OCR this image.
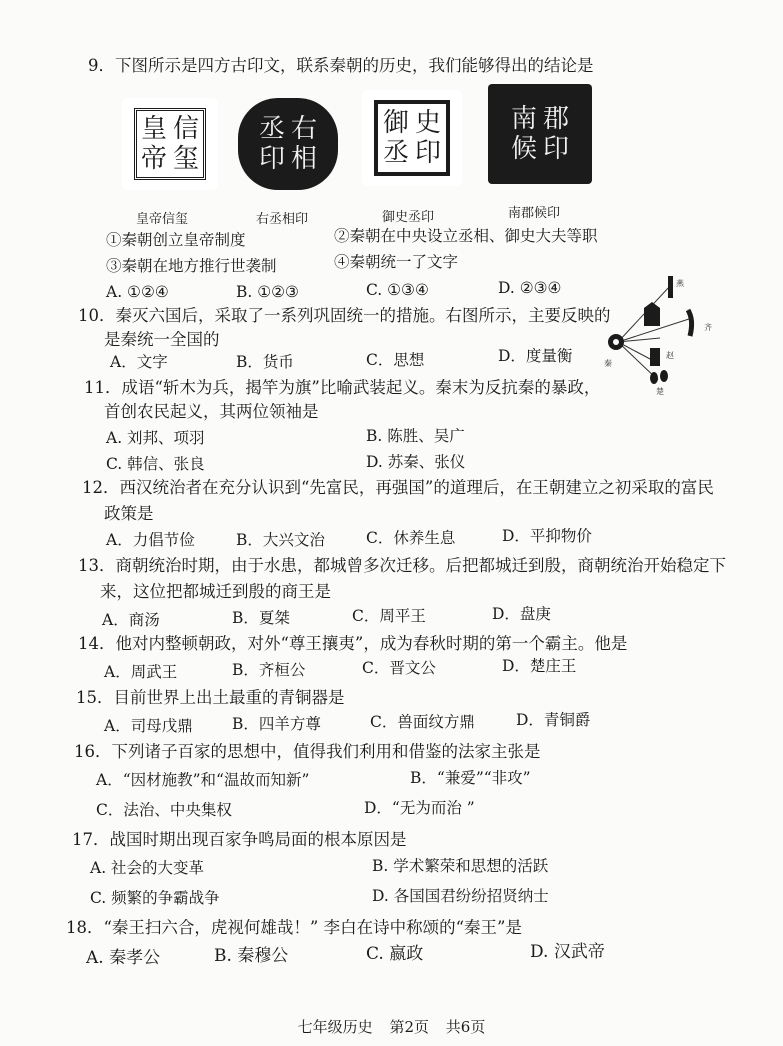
9．下图所示是四方古印文，联系秦朝的历史，我们能够得出的结论是
皇 信
帝 玺
丞 右
印 相
御 史
丞 印
南 郡
候 印
皇帝信玺	右丞相印	御史丞印	南郡候印
①秦朝创立皇帝制度	②秦朝在中央设立丞相、御史大夫等职
③秦朝在地方推行世袭制	④秦朝统一了文字
A. ①②④	B. ①②③	C. ①③④	D. ②③④
10．秦灭六国后，采取了一系列巩固统一的措施。右图所示，主要反映的
是秦统一全国的
A．文字	B．货币	C．思想	D．度量衡
燕
齐
秦
赵
楚
11．成语“斩木为兵，揭竿为旗”比喻武装起义。秦末为反抗秦的暴政，
首创农民起义，其两位领袖是
A. 刘邦、项羽	B. 陈胜、吴广
C. 韩信、张良	D. 苏秦、张仪
12．西汉统治者在充分认识到“先富民，再强国”的道理后，在王朝建立之初采取的富民
政策是
A．力倡节俭	B．大兴文治	C．休养生息	D．平抑物价
13．商朝统治时期，由于水患，都城曾多次迁移。后把都城迁到殷，商朝统治开始稳定下
来，这位把都城迁到殷的商王是
A．商汤	B．夏桀	C．周平王	D．盘庚
14．他对内整顿朝政，对外“尊王攘夷”，成为春秋时期的第一个霸主。他是
A．周武王	B．齐桓公	C．晋文公	D．楚庄王
15．目前世界上出土最重的青铜器是
A．司母戊鼎	B．四羊方尊	C．兽面纹方鼎	D．青铜爵
16．下列诸子百家的思想中，值得我们利用和借鉴的法家主张是
A．“因材施教”和“温故而知新”	B．“兼爱”“非攻”
C．法治、中央集权	D．“无为而治 ”
17．战国时期出现百家争鸣局面的根本原因是
A. 社会的大变革	B. 学术繁荣和思想的活跃
C. 频繁的争霸战争	D. 各国国君纷纷招贤纳士
18．“秦王扫六合，虎视何雄哉！” 李白在诗中称颂的“秦王”是
A. 秦孝公	B. 秦穆公	C. 嬴政	D. 汉武帝
七年级历史 第2页 共6页
